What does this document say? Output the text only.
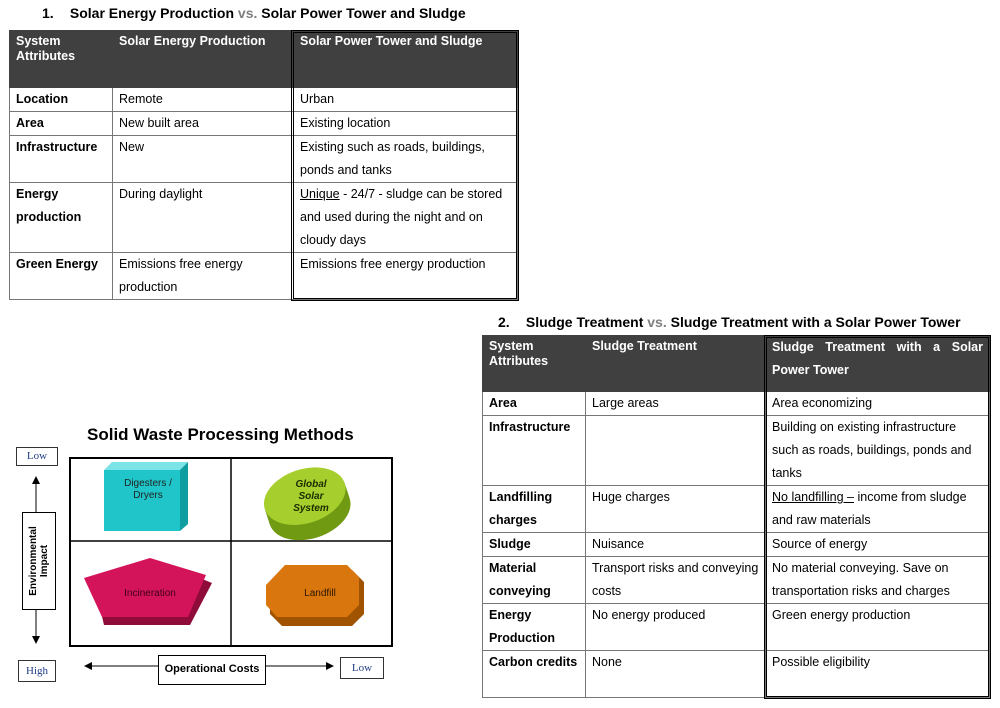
1. Solar Energy Production vs. Solar Power Tower and Sludge
System Attributes	Solar Energy Production	Solar Power Tower and Sludge
Location	Remote	Urban
Area	New built area	Existing location
Infrastructure	New	Existing such as roads, buildings, ponds and tanks
Energy production	During daylight	Unique - 24/7 - sludge can be stored and used during the night and on cloudy days
Green Energy	Emissions free energy production	Emissions free energy production
2. Sludge Treatment vs. Sludge Treatment with a Solar Power Tower
System Attributes	Sludge Treatment	Sludge Treatment with a Solar Power Tower
Area	Large areas	Area economizing
Infrastructure		Building on existing infrastructure such as roads, buildings, ponds and tanks
Landfilling charges	Huge charges	No landfilling – income from sludge and raw materials
Sludge	Nuisance	Source of energy
Material conveying	Transport risks and conveying costs	No material conveying. Save on transportation risks and charges
Energy Production	No energy produced	Green energy production
Carbon credits	None	Possible eligibility
Solid Waste Processing Methods
Low
High	Low
Environmental Impact
Operational Costs
Digesters / Dryers
Global Solar System
Incineration	Landfill
